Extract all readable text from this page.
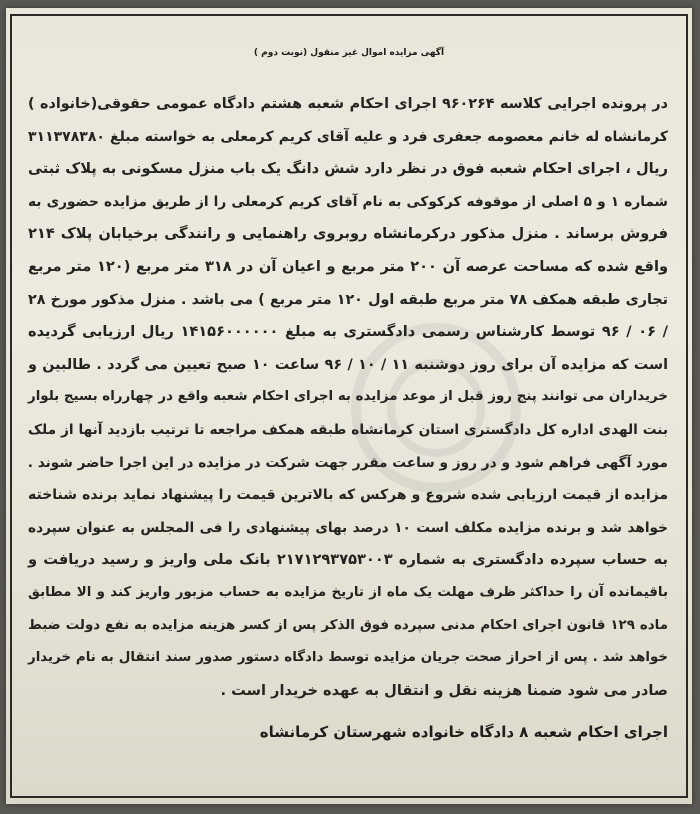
آگهی مزایده اموال غیر منقول (نوبت دوم )
در پرونده اجرایی کلاسه ۹۶۰۲۶۴ اجرای احکام شعبه هشتم دادگاه عمومی حقوقی(خانواده )
کرمانشاه له خانم معصومه جعفری فرد و علیه آقای کریم کرمعلی به خواسته مبلغ ۳۱۱۳۷۸۳۸۰
ریال ، اجرای احکام شعبه فوق در نظر دارد شش دانگ یک باب منزل مسکونی به پلاک ثبتی
شماره ۱ و ۵ اصلی از موقوفه کرکوکی به نام آقای کریم کرمعلی را از طریق مزایده حضوری به
فروش برساند . منزل مذکور درکرمانشاه روبروی راهنمایی و رانندگی برخیابان پلاک ۲۱۴
واقع شده که مساحت عرصه آن ۲۰۰ متر مربع و اعیان آن در ۳۱۸ متر مربع (۱۲۰ متر مربع
تجاری طبقه همکف ۷۸ متر مربع طبقه اول ۱۲۰ متر مربع ) می باشد . منزل مذکور مورخ ۲۸
/ ۰۶ / ۹۶ توسط کارشناس رسمی دادگستری به مبلغ ۱۴۱۵۶۰۰۰۰۰۰ ریال ارزیابی گردیده
است که مزایده آن برای روز دوشنبه ۱۱ / ۱۰ / ۹۶ ساعت ۱۰ صبح تعیین می گردد . طالبین و
خریداران می توانند پنج روز قبل از موعد مزایده به اجرای احکام شعبه واقع در چهارراه بسیج بلوار
بنت الهدی اداره کل دادگستری استان کرمانشاه طبقه همکف مراجعه تا ترتیب بازدید آنها از ملک
مورد آگهی فراهم شود و در روز و ساعت مقرر جهت شرکت در مزایده در این اجرا حاضر شوند .
مزایده از قیمت ارزیابی شده شروع و هرکس که بالاترین قیمت را پیشنهاد نماید برنده شناخته
خواهد شد و برنده مزایده مکلف است ۱۰ درصد بهای پیشنهادی را فی المجلس به عنوان سپرده
به حساب سپرده دادگستری به شماره ۲۱۷۱۲۹۳۷۵۳۰۰۳ بانک ملی واریز و رسید دریافت و
باقیمانده آن را حداکثر ظرف مهلت یک ماه از تاریخ مزایده به حساب مزبور واریز کند و الا مطابق
ماده ۱۲۹ قانون اجرای احکام مدنی سپرده فوق الذکر پس از کسر هزینه مزایده به نفع دولت ضبط
خواهد شد . پس از احراز صحت جریان مزایده توسط دادگاه دستور صدور سند انتقال به نام خریدار
صادر می شود ضمنا هزینه نقل و انتقال به عهده خریدار است .
اجرای احکام شعبه ۸ دادگاه خانواده شهرستان کرمانشاه
